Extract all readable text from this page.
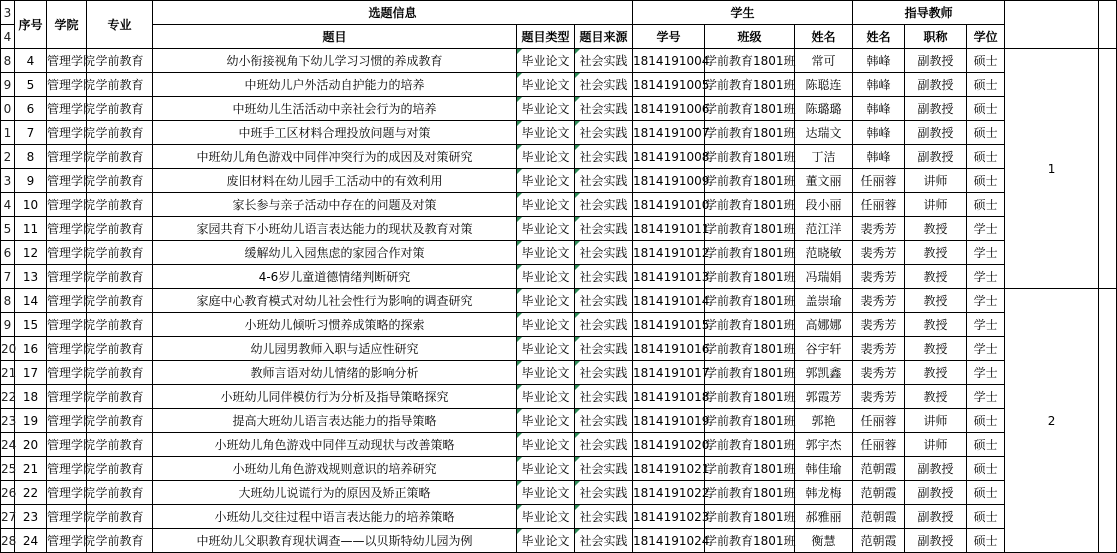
3	序号	学院	专业	选题信息			学生			指导教师				
4				题目	题目类型	题目来源	学号	班级	姓名	姓名	职称	学位		
8	4	管理学院	学前教育	幼小衔接视角下幼儿学习习惯的养成教育	毕业论文	社会实践	1814191004	学前教育1801班	常可	韩峰	副教授	硕士	1	
9	5	管理学院	学前教育	中班幼儿户外活动自护能力的培养	毕业论文	社会实践	1814191005	学前教育1801班	陈聪连	韩峰	副教授	硕士		
0	6	管理学院	学前教育	中班幼儿生活活动中亲社会行为的培养	毕业论文	社会实践	1814191006	学前教育1801班	陈璐璐	韩峰	副教授	硕士		
1	7	管理学院	学前教育	中班手工区材料合理投放问题与对策	毕业论文	社会实践	1814191007	学前教育1801班	达瑞文	韩峰	副教授	硕士		
2	8	管理学院	学前教育	中班幼儿角色游戏中同伴冲突行为的成因及对策研究	毕业论文	社会实践	1814191008	学前教育1801班	丁洁	韩峰	副教授	硕士		
3	9	管理学院	学前教育	废旧材料在幼儿园手工活动中的有效利用	毕业论文	社会实践	1814191009	学前教育1801班	董文丽	任丽蓉	讲师	硕士		
4	10	管理学院	学前教育	家长参与亲子活动中存在的问题及对策	毕业论文	社会实践	1814191010	学前教育1801班	段小丽	任丽蓉	讲师	硕士		
5	11	管理学院	学前教育	家园共育下小班幼儿语言表达能力的现状及教育对策	毕业论文	社会实践	1814191011	学前教育1801班	范江洋	裴秀芳	教授	学士		
6	12	管理学院	学前教育	缓解幼儿入园焦虑的家园合作对策	毕业论文	社会实践	1814191012	学前教育1801班	范晓敏	裴秀芳	教授	学士		
7	13	管理学院	学前教育	4-6岁儿童道德情绪判断研究	毕业论文	社会实践	1814191013	学前教育1801班	冯瑞娟	裴秀芳	教授	学士		
8	14	管理学院	学前教育	家庭中心教育模式对幼儿社会性行为影响的调查研究	毕业论文	社会实践	1814191014	学前教育1801班	盖崇瑜	裴秀芳	教授	学士	2	
9	15	管理学院	学前教育	小班幼儿倾听习惯养成策略的探索	毕业论文	社会实践	1814191015	学前教育1801班	高娜娜	裴秀芳	教授	学士		
20	16	管理学院	学前教育	幼儿园男教师入职与适应性研究	毕业论文	社会实践	1814191016	学前教育1801班	谷宇轩	裴秀芳	教授	学士		
21	17	管理学院	学前教育	教师言语对幼儿情绪的影响分析	毕业论文	社会实践	1814191017	学前教育1801班	郭凯鑫	裴秀芳	教授	学士		
22	18	管理学院	学前教育	小班幼儿同伴模仿行为分析及指导策略探究	毕业论文	社会实践	1814191018	学前教育1801班	郭霞芳	裴秀芳	教授	学士		
23	19	管理学院	学前教育	提高大班幼儿语言表达能力的指导策略	毕业论文	社会实践	1814191019	学前教育1801班	郭艳	任丽蓉	讲师	硕士		
24	20	管理学院	学前教育	小班幼儿角色游戏中同伴互动现状与改善策略	毕业论文	社会实践	1814191020	学前教育1801班	郭宇杰	任丽蓉	讲师	硕士		
25	21	管理学院	学前教育	小班幼儿角色游戏规则意识的培养研究	毕业论文	社会实践	1814191021	学前教育1801班	韩佳瑜	范朝霞	副教授	硕士		
26	22	管理学院	学前教育	大班幼儿说谎行为的原因及矫正策略	毕业论文	社会实践	1814191022	学前教育1801班	韩龙梅	范朝霞	副教授	硕士		
27	23	管理学院	学前教育	小班幼儿交往过程中语言表达能力的培养策略	毕业论文	社会实践	1814191023	学前教育1801班	郝雅丽	范朝霞	副教授	硕士		
28	24	管理学院	学前教育	中班幼儿父职教育现状调查——以贝斯特幼儿园为例	毕业论文	社会实践	1814191024	学前教育1801班	衡慧	范朝霞	副教授	硕士		
